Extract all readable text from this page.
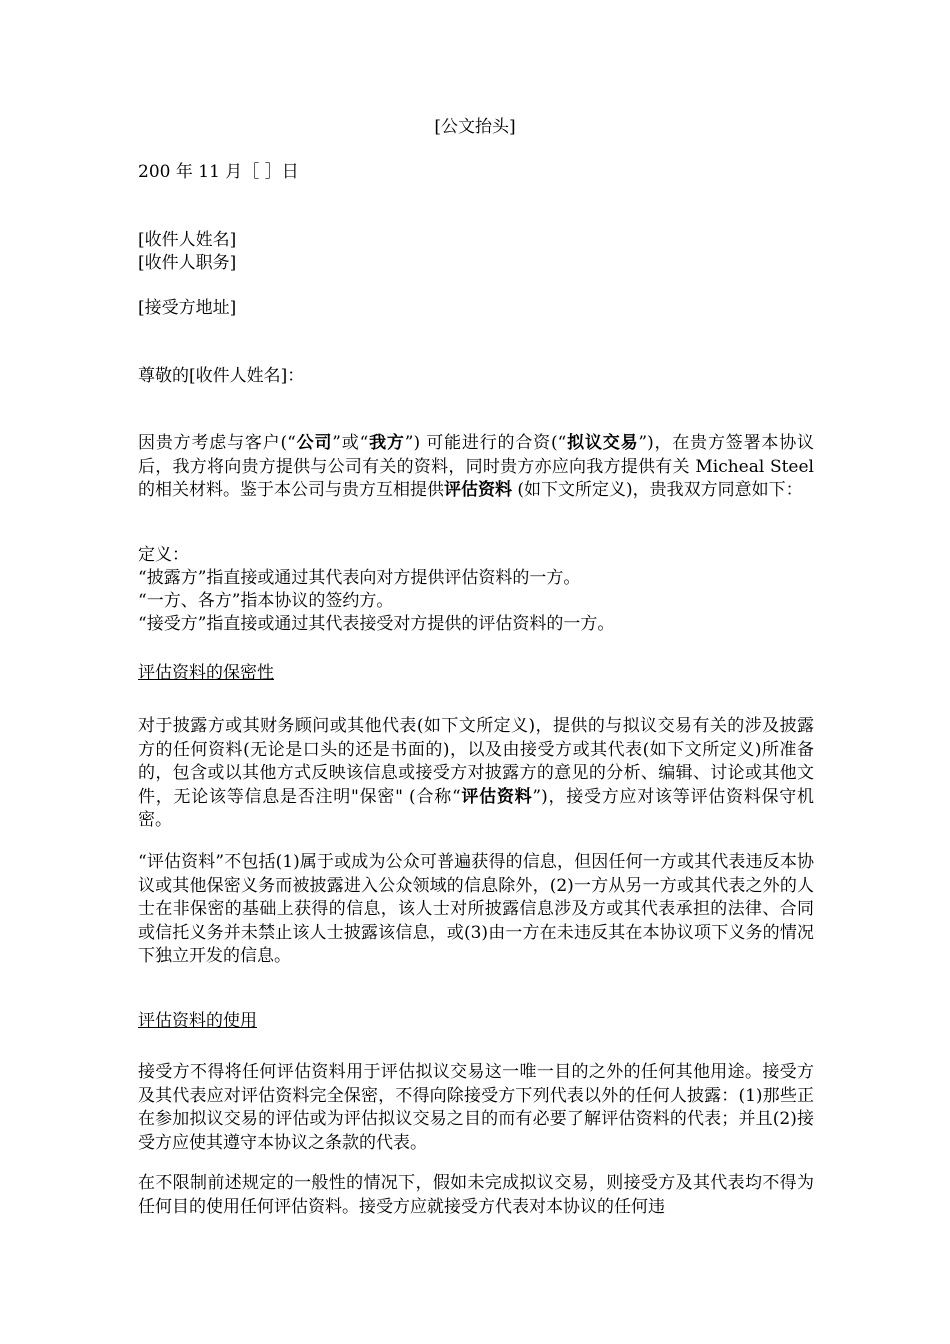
[公文抬头]
200 年 11 月［ ］日
[收件人姓名]
[收件人职务]
[接受方地址]
尊敬的[收件人姓名]：
因贵方考虑与客户(“公司”或“我方”) 可能进行的合资(“拟议交易”)，在贵方签署本协议后，我方将向贵方提供与公司有关的资料，同时贵方亦应向我方提供有关 Micheal Steel 的相关材料。鉴于本公司与贵方互相提供评估资料 (如下文所定义)，贵我双方同意如下：
定义：
“披露方”指直接或通过其代表向对方提供评估资料的一方。
“一方、各方”指本协议的签约方。
“接受方”指直接或通过其代表接受对方提供的评估资料的一方。
评估资料的保密性
对于披露方或其财务顾问或其他代表(如下文所定义)，提供的与拟议交易有关的涉及披露方的任何资料(无论是口头的还是书面的)，以及由接受方或其代表(如下文所定义)所准备的，包含或以其他方式反映该信息或接受方对披露方的意见的分析、编辑、讨论或其他文件，无论该等信息是否注明"保密" (合称“评估资料”)，接受方应对该等评估资料保守机密。
“评估资料”不包括(1)属于或成为公众可普遍获得的信息，但因任何一方或其代表违反本协议或其他保密义务而被披露进入公众领域的信息除外，(2)一方从另一方或其代表之外的人士在非保密的基础上获得的信息，该人士对所披露信息涉及方或其代表承担的法律、合同或信托义务并未禁止该人士披露该信息，或(3)由一方在未违反其在本协议项下义务的情况下独立开发的信息。
评估资料的使用
接受方不得将任何评估资料用于评估拟议交易这一唯一目的之外的任何其他用途。接受方及其代表应对评估资料完全保密，不得向除接受方下列代表以外的任何人披露：(1)那些正在参加拟议交易的评估或为评估拟议交易之目的而有必要了解评估资料的代表；并且(2)接受方应使其遵守本协议之条款的代表。
在不限制前述规定的一般性的情况下，假如未完成拟议交易，则接受方及其代表均不得为任何目的使用任何评估资料。接受方应就接受方代表对本协议的任何违
